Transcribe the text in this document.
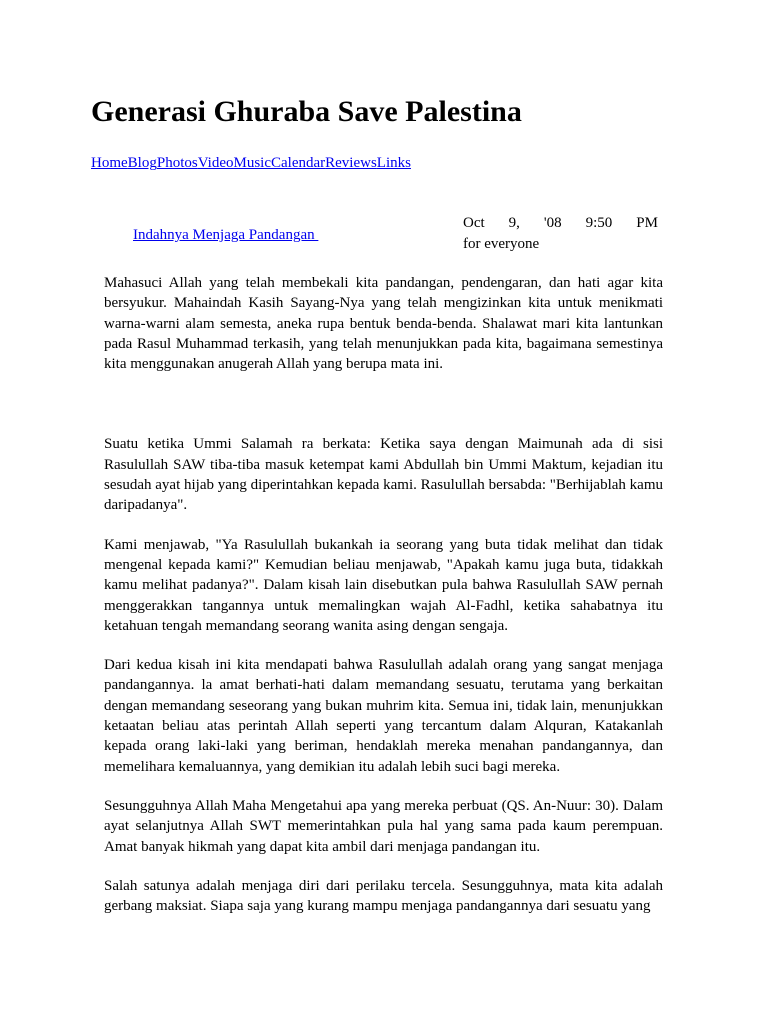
Generasi Ghuraba Save Palestina
HomeBlogPhotosVideoMusicCalendarReviewsLinks
Indahnya Menjaga Pandangan
Oct 9, '08 9:50 PM
for everyone

Mahasuci Allah yang telah membekali kita pandangan, pendengaran, dan hati agar kita bersyukur. Mahaindah Kasih Sayang-Nya yang telah mengizinkan kita untuk menikmati warna-warni alam semesta, aneka rupa bentuk benda-benda. Shalawat mari kita lantunkan pada Rasul Muhammad terkasih, yang telah menunjukkan pada kita, bagaimana semestinya kita menggunakan anugerah Allah yang berupa mata ini.

Suatu ketika Ummi Salamah ra berkata: Ketika saya dengan Maimunah ada di sisi Rasulullah SAW tiba-tiba masuk ketempat kami Abdullah bin Ummi Maktum, kejadian itu sesudah ayat hijab yang diperintahkan kepada kami. Rasulullah bersabda: "Berhijablah kamu daripadanya".

Kami menjawab, "Ya Rasulullah bukankah ia seorang yang buta tidak melihat dan tidak mengenal kepada kami?" Kemudian beliau menjawab, "Apakah kamu juga buta, tidakkah kamu melihat padanya?". Dalam kisah lain disebutkan pula bahwa Rasulullah SAW pernah menggerakkan tangannya untuk memalingkan wajah Al-Fadhl, ketika sahabatnya itu ketahuan tengah memandang seorang wanita asing dengan sengaja.

Dari kedua kisah ini kita mendapati bahwa Rasulullah adalah orang yang sangat menjaga pandangannya. la amat berhati-hati dalam memandang sesuatu, terutama yang berkaitan dengan memandang seseorang yang bukan muhrim kita. Semua ini, tidak lain, menunjukkan ketaatan beliau atas perintah Allah seperti yang tercantum dalam Alquran, Katakanlah kepada orang laki-laki yang beriman, hendaklah mereka menahan pandangannya, dan memelihara kemaluannya, yang demikian itu adalah lebih suci bagi mereka.

Sesungguhnya Allah Maha Mengetahui apa yang mereka perbuat (QS. An-Nuur: 30). Dalam ayat selanjutnya Allah SWT memerintahkan pula hal yang sama pada kaum perempuan. Amat banyak hikmah yang dapat kita ambil dari menjaga pandangan itu.

Salah satunya adalah menjaga diri dari perilaku tercela. Sesungguhnya, mata kita adalah gerbang maksiat. Siapa saja yang kurang mampu menjaga pandangannya dari sesuatu yang
